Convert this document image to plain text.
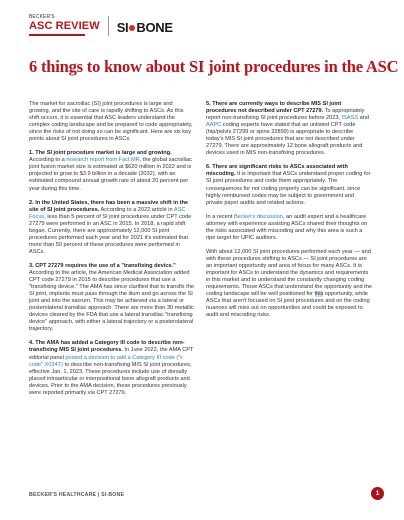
BECKER'S
ASC REVIEW SI BONE
6 things to know about SI joint procedures in the ASC

The market for sacroiliac (SI) joint procedures is large and growing, and the site of care is rapidly shifting to ASCs. As this shift occurs, it is essential that ASC leaders understand the complex coding landscape and be prepared to code appropriately, since the risks of not doing so can be significant. Here are six key points about SI joint procedures in ASCs.

1. The SI joint procedure market is large and growing. According to a research report from Fact.MR, the global sacroiliac joint fusion market size is estimated at $620 million in 2022 and is projected to grow to $3.9 billion in a decade (2032), with an estimated compound annual growth rate of about 20 percent per year during this time.

2. In the United States, there has been a massive shift in the site of SI joint procedures. According to a 2022 article in ASC Focus, less than 5 percent of SI joint procedures under CPT code 27279 were performed in an ASC in 2015. In 2018, a rapid shift began. Currently, there are approximately 12,000 SI joint procedures performed each year and for 2021 it's estimated that more than 50 percent of these procedures were performed in ASCs.

3. CPT 27279 requires the use of a "transfixing device." According to the article, the American Medical Association added CPT code 27279 in 2015 to describe procedures that use a "transfixing device." The AMA has since clarified that to transfix the SI joint, implants must pass through the ilium and go across the SI joint and into the sacrum. This may be achieved via a lateral or posterolateral transiliac approach. There are more than 30 metallic devices cleared by the FDA that use a lateral transiliac "transfixing device" approach, with either a lateral trajectory or a posterolateral trajectory.

4. The AMA has added a Category III code to describe non-transfixing MIS SI joint procedures. In June 2022, the AMA CPT editorial panel posted a decision to add a Category III code ("t-code" X034T) to describe non-transfixing MIS SI joint procedures, effective Jan. 1, 2023. These procedures include use of dorsally placed intraarticular or interpositional bone allograft products and devices. Prior to the AMA decision, these procedures previously were reported primarily via CPT 27279.

5. There are currently ways to describe MIS SI joint procedures not described under CPT 27279. To appropriately report non-transfixing SI joint procedures before 2023, ISASS and AAPC coding experts have stated that an unlisted CPT code (hip/pelvis 27299 or spine 22899) is appropriate to describe today's MIS SI joint procedures that are not described under 27279. There are approximately 12 bone allograft products and devices used in MIS non-transfixing procedures.

6. There are significant risks to ASCs associated with miscoding. It is important that ASCs understand proper coding for SI joint procedures and code them appropriately. The consequences for not coding properly can be significant, since highly reimbursed codes may be subject to government and private payer audits and related actions.

In a recent Becker's discussion, an audit expert and a healthcare attorney with experience assisting ASCs shared their thoughts on the risks associated with miscoding and why this area is such a ripe target for UPIC auditors.

With about 12,000 SI joint procedures performed each year — and with these procedures shifting to ASCs — SI joint procedures are an important opportunity and area of focus for many ASCs. It is important for ASCs to understand the dynamics and requirements in this market and to understand the constantly changing coding requirements. Those ASCs that understand the opportunity and the coding landscape will be well positioned for this opportunity, while ASCs that aren't focused on SI joint procedures and on the coding nuances will miss out on opportunities and could be exposed to audit and miscoding risks.

BECKER'S HEALTHCARE | SI-BONE	1
